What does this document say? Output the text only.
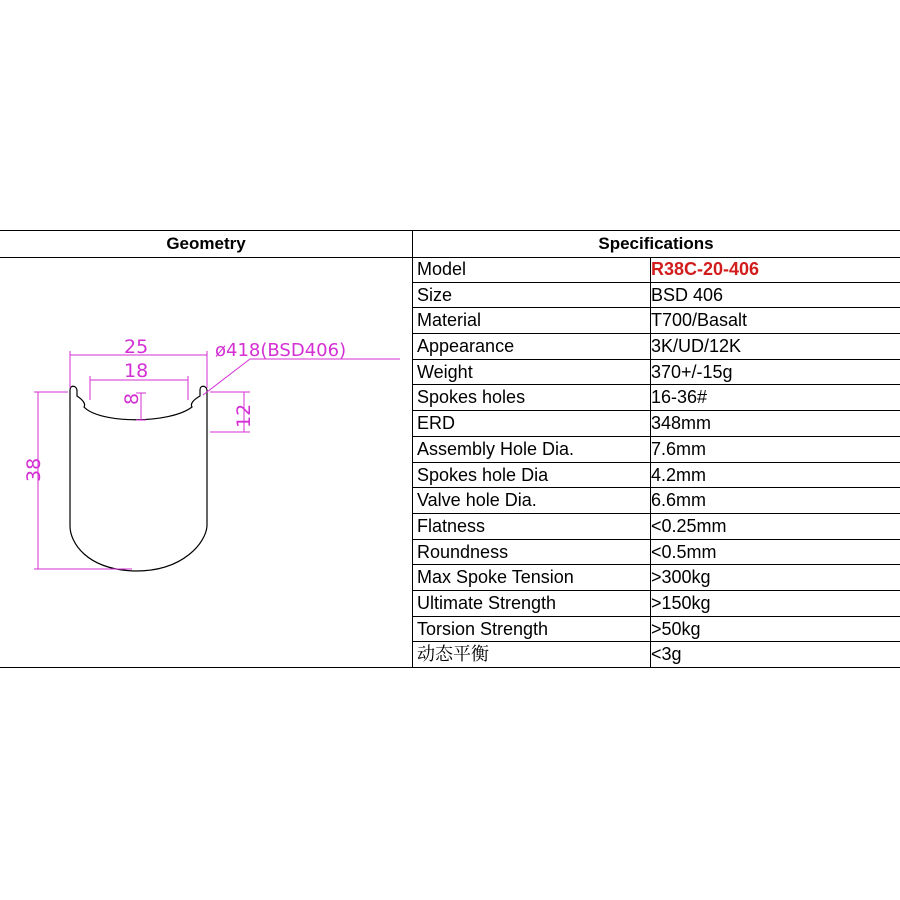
Geometry	Specifications
25
18
8
12
38
ø418(BSD406)
Model	R38C-20-406
Size	BSD 406
Material	T700/Basalt
Appearance	3K/UD/12K
Weight	370+/-15g
Spokes holes	16-36#
ERD	348mm
Assembly Hole Dia.	7.6mm
Spokes hole Dia	4.2mm
Valve hole Dia.	6.6mm
Flatness	<0.25mm
Roundness	<0.5mm
Max Spoke Tension	>300kg
Ultimate Strength	>150kg
Torsion Strength	>50kg
动态平衡	<3g
